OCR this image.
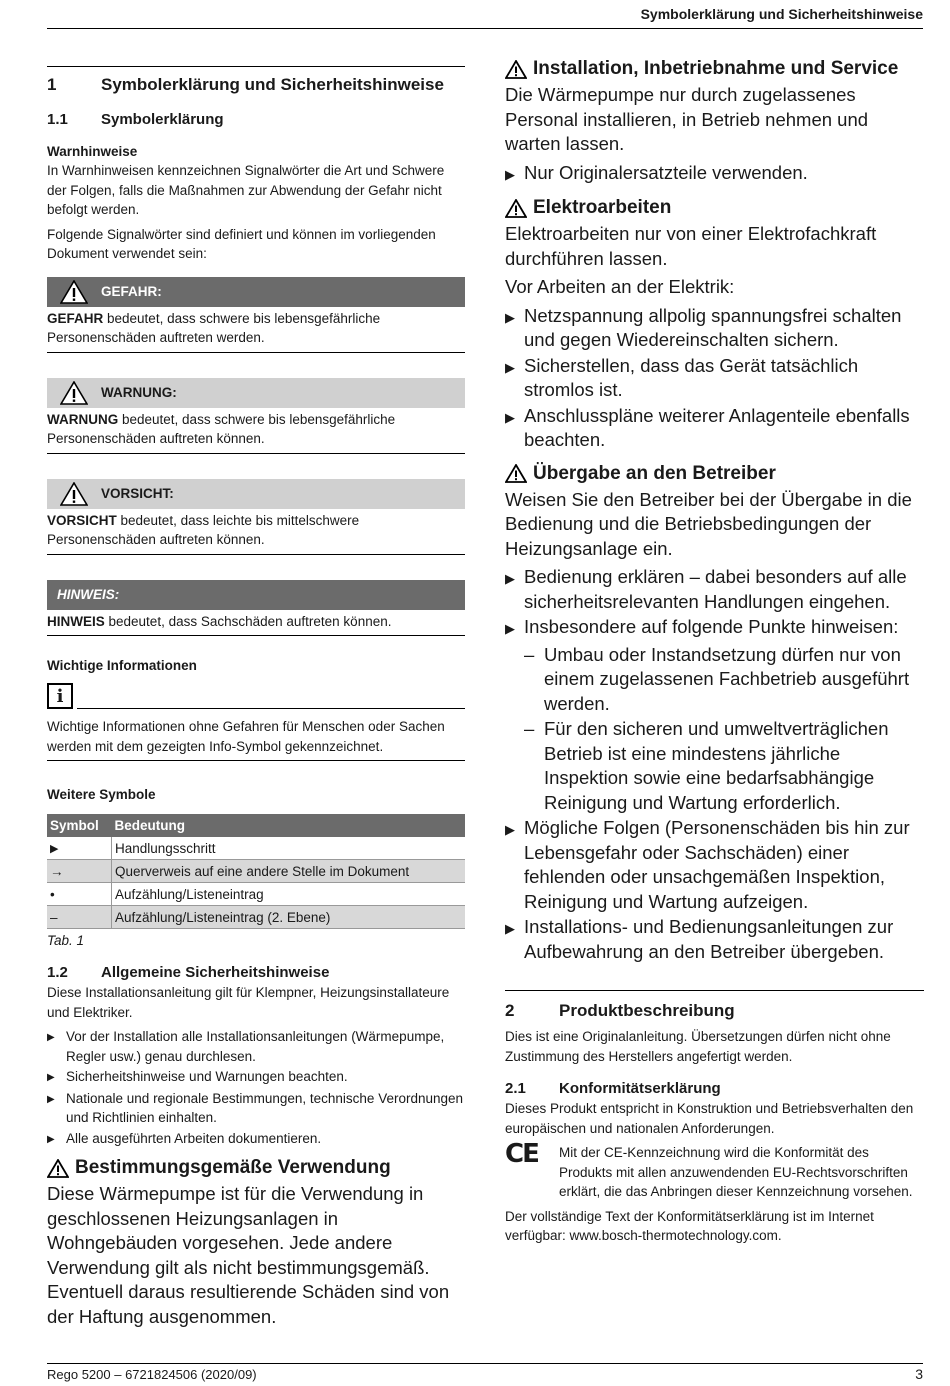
Symbolerklärung und Sicherheitshinweise
1	Symbolerklärung und Sicherheitshinweise
1.1	Symbolerklärung
Warnhinweise
In Warnhinweisen kennzeichnen Signalwörter die Art und Schwere der Folgen, falls die Maßnahmen zur Abwendung der Gefahr nicht befolgt werden.
Folgende Signalwörter sind definiert und können im vorliegenden Dokument verwendet sein:
GEFAHR:
GEFAHR bedeutet, dass schwere bis lebensgefährliche Personenschäden auftreten werden.
WARNUNG:
WARNUNG bedeutet, dass schwere bis lebensgefährliche Personenschäden auftreten können.
VORSICHT:
VORSICHT bedeutet, dass leichte bis mittelschwere Personenschäden auftreten können.
HINWEIS:
HINWEIS bedeutet, dass Sachschäden auftreten können.
Wichtige Informationen
i
Wichtige Informationen ohne Gefahren für Menschen oder Sachen werden mit dem gezeigten Info-Symbol gekennzeichnet.
Weitere Symbole
Symbol	Bedeutung
▶	Handlungsschritt
→	Querverweis auf eine andere Stelle im Dokument
•	Aufzählung/Listeneintrag
–	Aufzählung/Listeneintrag (2. Ebene)
Tab. 1
1.2	Allgemeine Sicherheitshinweise
Diese Installationsanleitung gilt für Klempner, Heizungsinstallateure und Elektriker.
▶ Vor der Installation alle Installationsanleitungen (Wärmepumpe, Regler usw.) genau durchlesen.
▶ Sicherheitshinweise und Warnungen beachten.
▶ Nationale und regionale Bestimmungen, technische Verordnungen und Richtlinien einhalten.
▶ Alle ausgeführten Arbeiten dokumentieren.
Bestimmungsgemäße Verwendung
Diese Wärmepumpe ist für die Verwendung in geschlossenen Heizungsanlagen in Wohngebäuden vorgesehen. Jede andere Verwendung gilt als nicht bestimmungsgemäß. Eventuell daraus resultierende Schäden sind von der Haftung ausgenommen.
Installation, Inbetriebnahme und Service
Die Wärmepumpe nur durch zugelassenes Personal installieren, in Betrieb nehmen und warten lassen.
▶ Nur Originalersatzteile verwenden.
Elektroarbeiten
Elektroarbeiten nur von einer Elektrofachkraft durchführen lassen.
Vor Arbeiten an der Elektrik:
▶ Netzspannung allpolig spannungsfrei schalten und gegen Wiedereinschalten sichern.
▶ Sicherstellen, dass das Gerät tatsächlich stromlos ist.
▶ Anschlusspläne weiterer Anlagenteile ebenfalls beachten.
Übergabe an den Betreiber
Weisen Sie den Betreiber bei der Übergabe in die Bedienung und die Betriebsbedingungen der Heizungsanlage ein.
▶ Bedienung erklären – dabei besonders auf alle sicherheitsrelevanten Handlungen eingehen.
▶ Insbesondere auf folgende Punkte hinweisen:
– Umbau oder Instandsetzung dürfen nur von einem zugelassenen Fachbetrieb ausgeführt werden.
– Für den sicheren und umweltverträglichen Betrieb ist eine mindestens jährliche Inspektion sowie eine bedarfsabhängige Reinigung und Wartung erforderlich.
▶ Mögliche Folgen (Personenschäden bis hin zur Lebensgefahr oder Sachschäden) einer fehlenden oder unsachgemäßen Inspektion, Reinigung und Wartung aufzeigen.
▶ Installations- und Bedienungsanleitungen zur Aufbewahrung an den Betreiber übergeben.
2	Produktbeschreibung
Dies ist eine Originalanleitung. Übersetzungen dürfen nicht ohne Zustimmung des Herstellers angefertigt werden.
2.1	Konformitätserklärung
Dieses Produkt entspricht in Konstruktion und Betriebsverhalten den europäischen und nationalen Anforderungen.
CE	Mit der CE-Kennzeichnung wird die Konformität des Produkts mit allen anzuwendenden EU-Rechtsvorschriften erklärt, die das Anbringen dieser Kennzeichnung vorsehen.
Der vollständige Text der Konformitätserklärung ist im Internet verfügbar: www.bosch-thermotechnology.com.
Rego 5200 – 6721824506 (2020/09)	3
